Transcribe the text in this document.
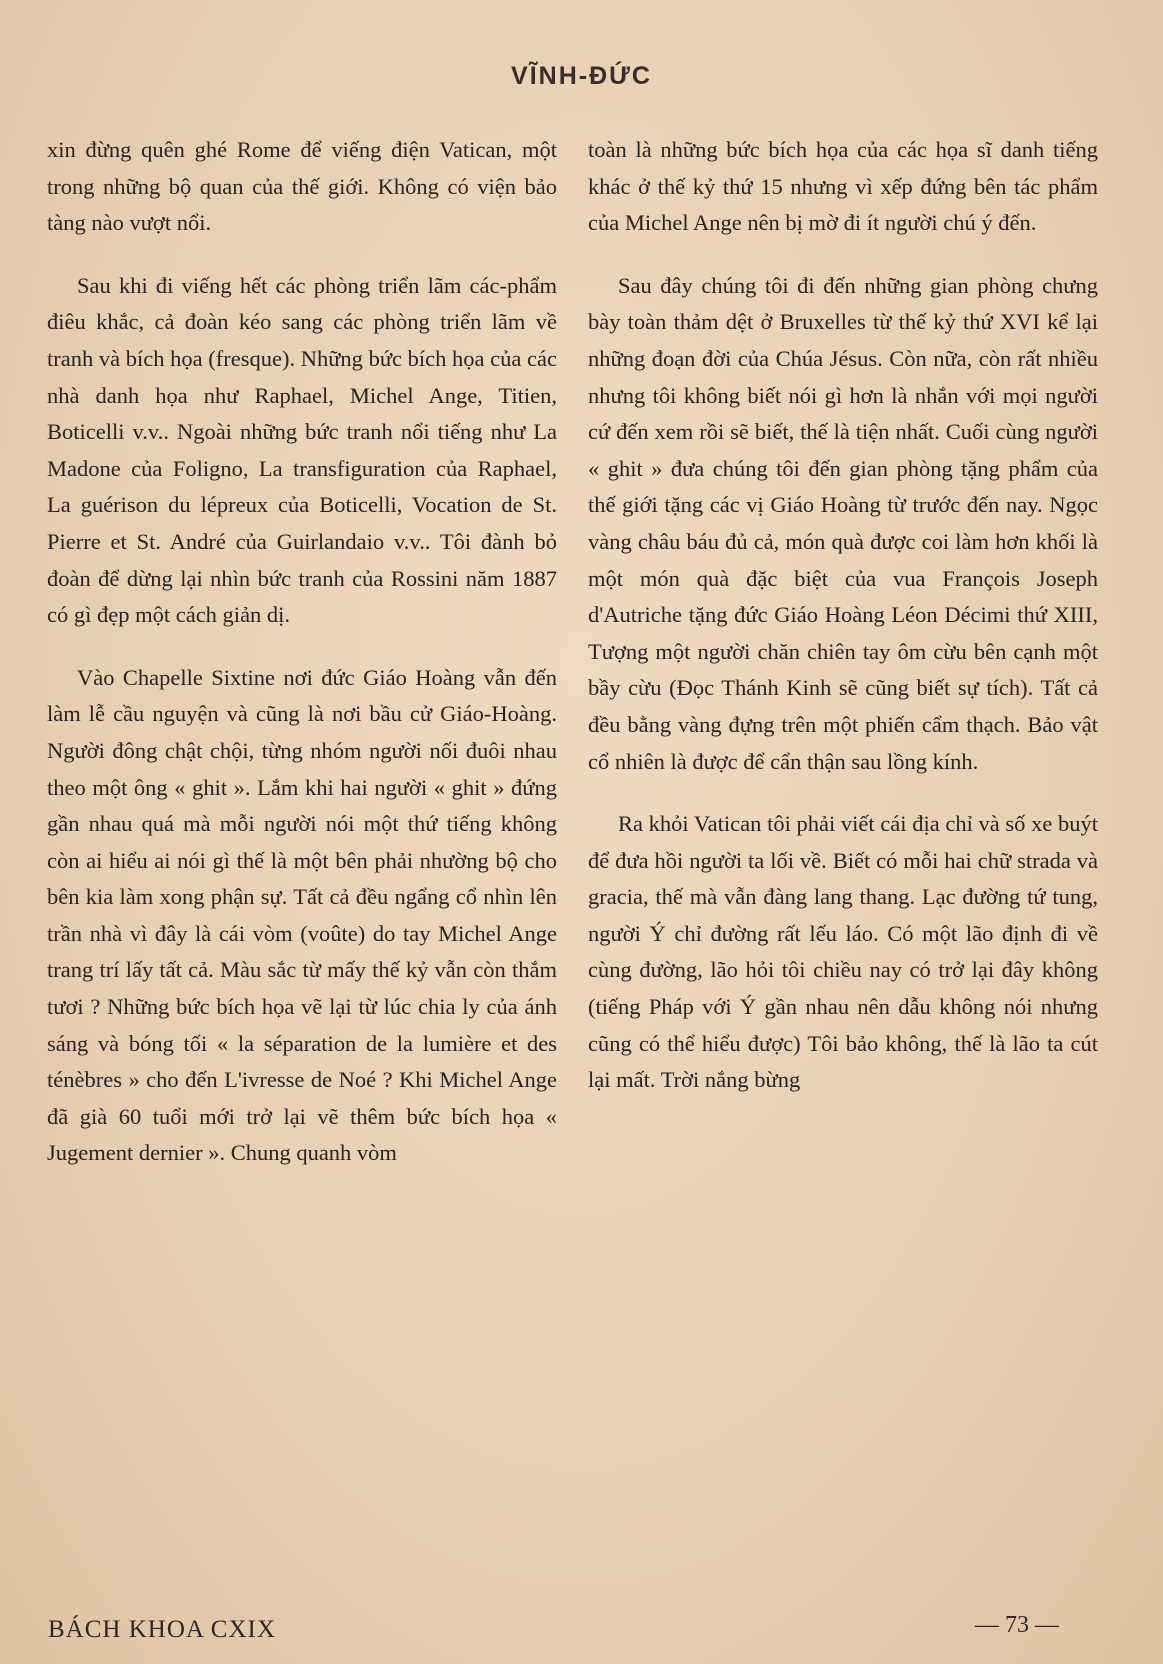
VĨNH-ĐỨC

xin đừng quên ghé Rome để viếng điện Vatican, một trong những bộ quan của thế giới. Không có viện bảo tàng nào vượt nổi.

Sau khi đi viếng hết các phòng triển lãm các-phẩm điêu khắc, cả đoàn kéo sang các phòng triển lãm về tranh và bích họa (fresque). Những bức bích họa của các nhà danh họa như Raphael, Michel Ange, Titien, Boticelli v.v.. Ngoài những bức tranh nổi tiếng như La Madone của Foligno, La transfiguration của Raphael, La guérison du lépreux của Boticelli, Vocation de St. Pierre et St. André của Guirlandaio v.v.. Tôi đành bỏ đoàn để dừng lại nhìn bức tranh của Rossini năm 1887 có gì đẹp một cách giản dị.

Vào Chapelle Sixtine nơi đức Giáo Hoàng vẫn đến làm lễ cầu nguyện và cũng là nơi bầu cử Giáo-Hoàng. Người đông chật chội, từng nhóm người nối đuôi nhau theo một ông « ghit ». Lắm khi hai người « ghit » đứng gần nhau quá mà mỗi người nói một thứ tiếng không còn ai hiểu ai nói gì thế là một bên phải nhường bộ cho bên kia làm xong phận sự. Tất cả đều ngẩng cổ nhìn lên trần nhà vì đây là cái vòm (voûte) do tay Michel Ange trang trí lấy tất cả. Màu sắc từ mấy thế kỷ vẫn còn thắm tươi ? Những bức bích họa vẽ lại từ lúc chia ly của ánh sáng và bóng tối « la séparation de la lumière et des ténèbres » cho đến L'ivresse de Noé ? Khi Michel Ange đã già 60 tuổi mới trở lại vẽ thêm bức bích họa « Jugement dernier ». Chung quanh vòm

toàn là những bức bích họa của các họa sĩ danh tiếng khác ở thế kỷ thứ 15 nhưng vì xếp đứng bên tác phẩm của Michel Ange nên bị mờ đi ít người chú ý đến.

Sau đây chúng tôi đi đến những gian phòng chưng bày toàn thảm dệt ở Bruxelles từ thế kỷ thứ XVI kể lại những đoạn đời của Chúa Jésus. Còn nữa, còn rất nhiều nhưng tôi không biết nói gì hơn là nhắn với mọi người cứ đến xem rồi sẽ biết, thế là tiện nhất. Cuối cùng người « ghit » đưa chúng tôi đến gian phòng tặng phẩm của thế giới tặng các vị Giáo Hoàng từ trước đến nay. Ngọc vàng châu báu đủ cả, món quà được coi làm hơn khối là một món quà đặc biệt của vua François Joseph d'Autriche tặng đức Giáo Hoàng Léon Décimi thứ XIII, Tượng một người chăn chiên tay ôm cừu bên cạnh một bầy cừu (Đọc Thánh Kinh sẽ cũng biết sự tích). Tất cả đều bằng vàng đựng trên một phiến cẩm thạch. Bảo vật cổ nhiên là được để cẩn thận sau lồng kính.

Ra khỏi Vatican tôi phải viết cái địa chỉ và số xe buýt để đưa hồi người ta lối về. Biết có mỗi hai chữ strada và gracia, thế mà vẫn đàng lang thang. Lạc đường tứ tung, người Ý chỉ đường rất lếu láo. Có một lão định đi về cùng đường, lão hỏi tôi chiều nay có trở lại đây không (tiếng Pháp với Ý gần nhau nên dẫu không nói nhưng cũng có thể hiểu được) Tôi bảo không, thế là lão ta cút lại mất. Trời nắng bừng

BÁCH KHOA CXIX	— 73 —
